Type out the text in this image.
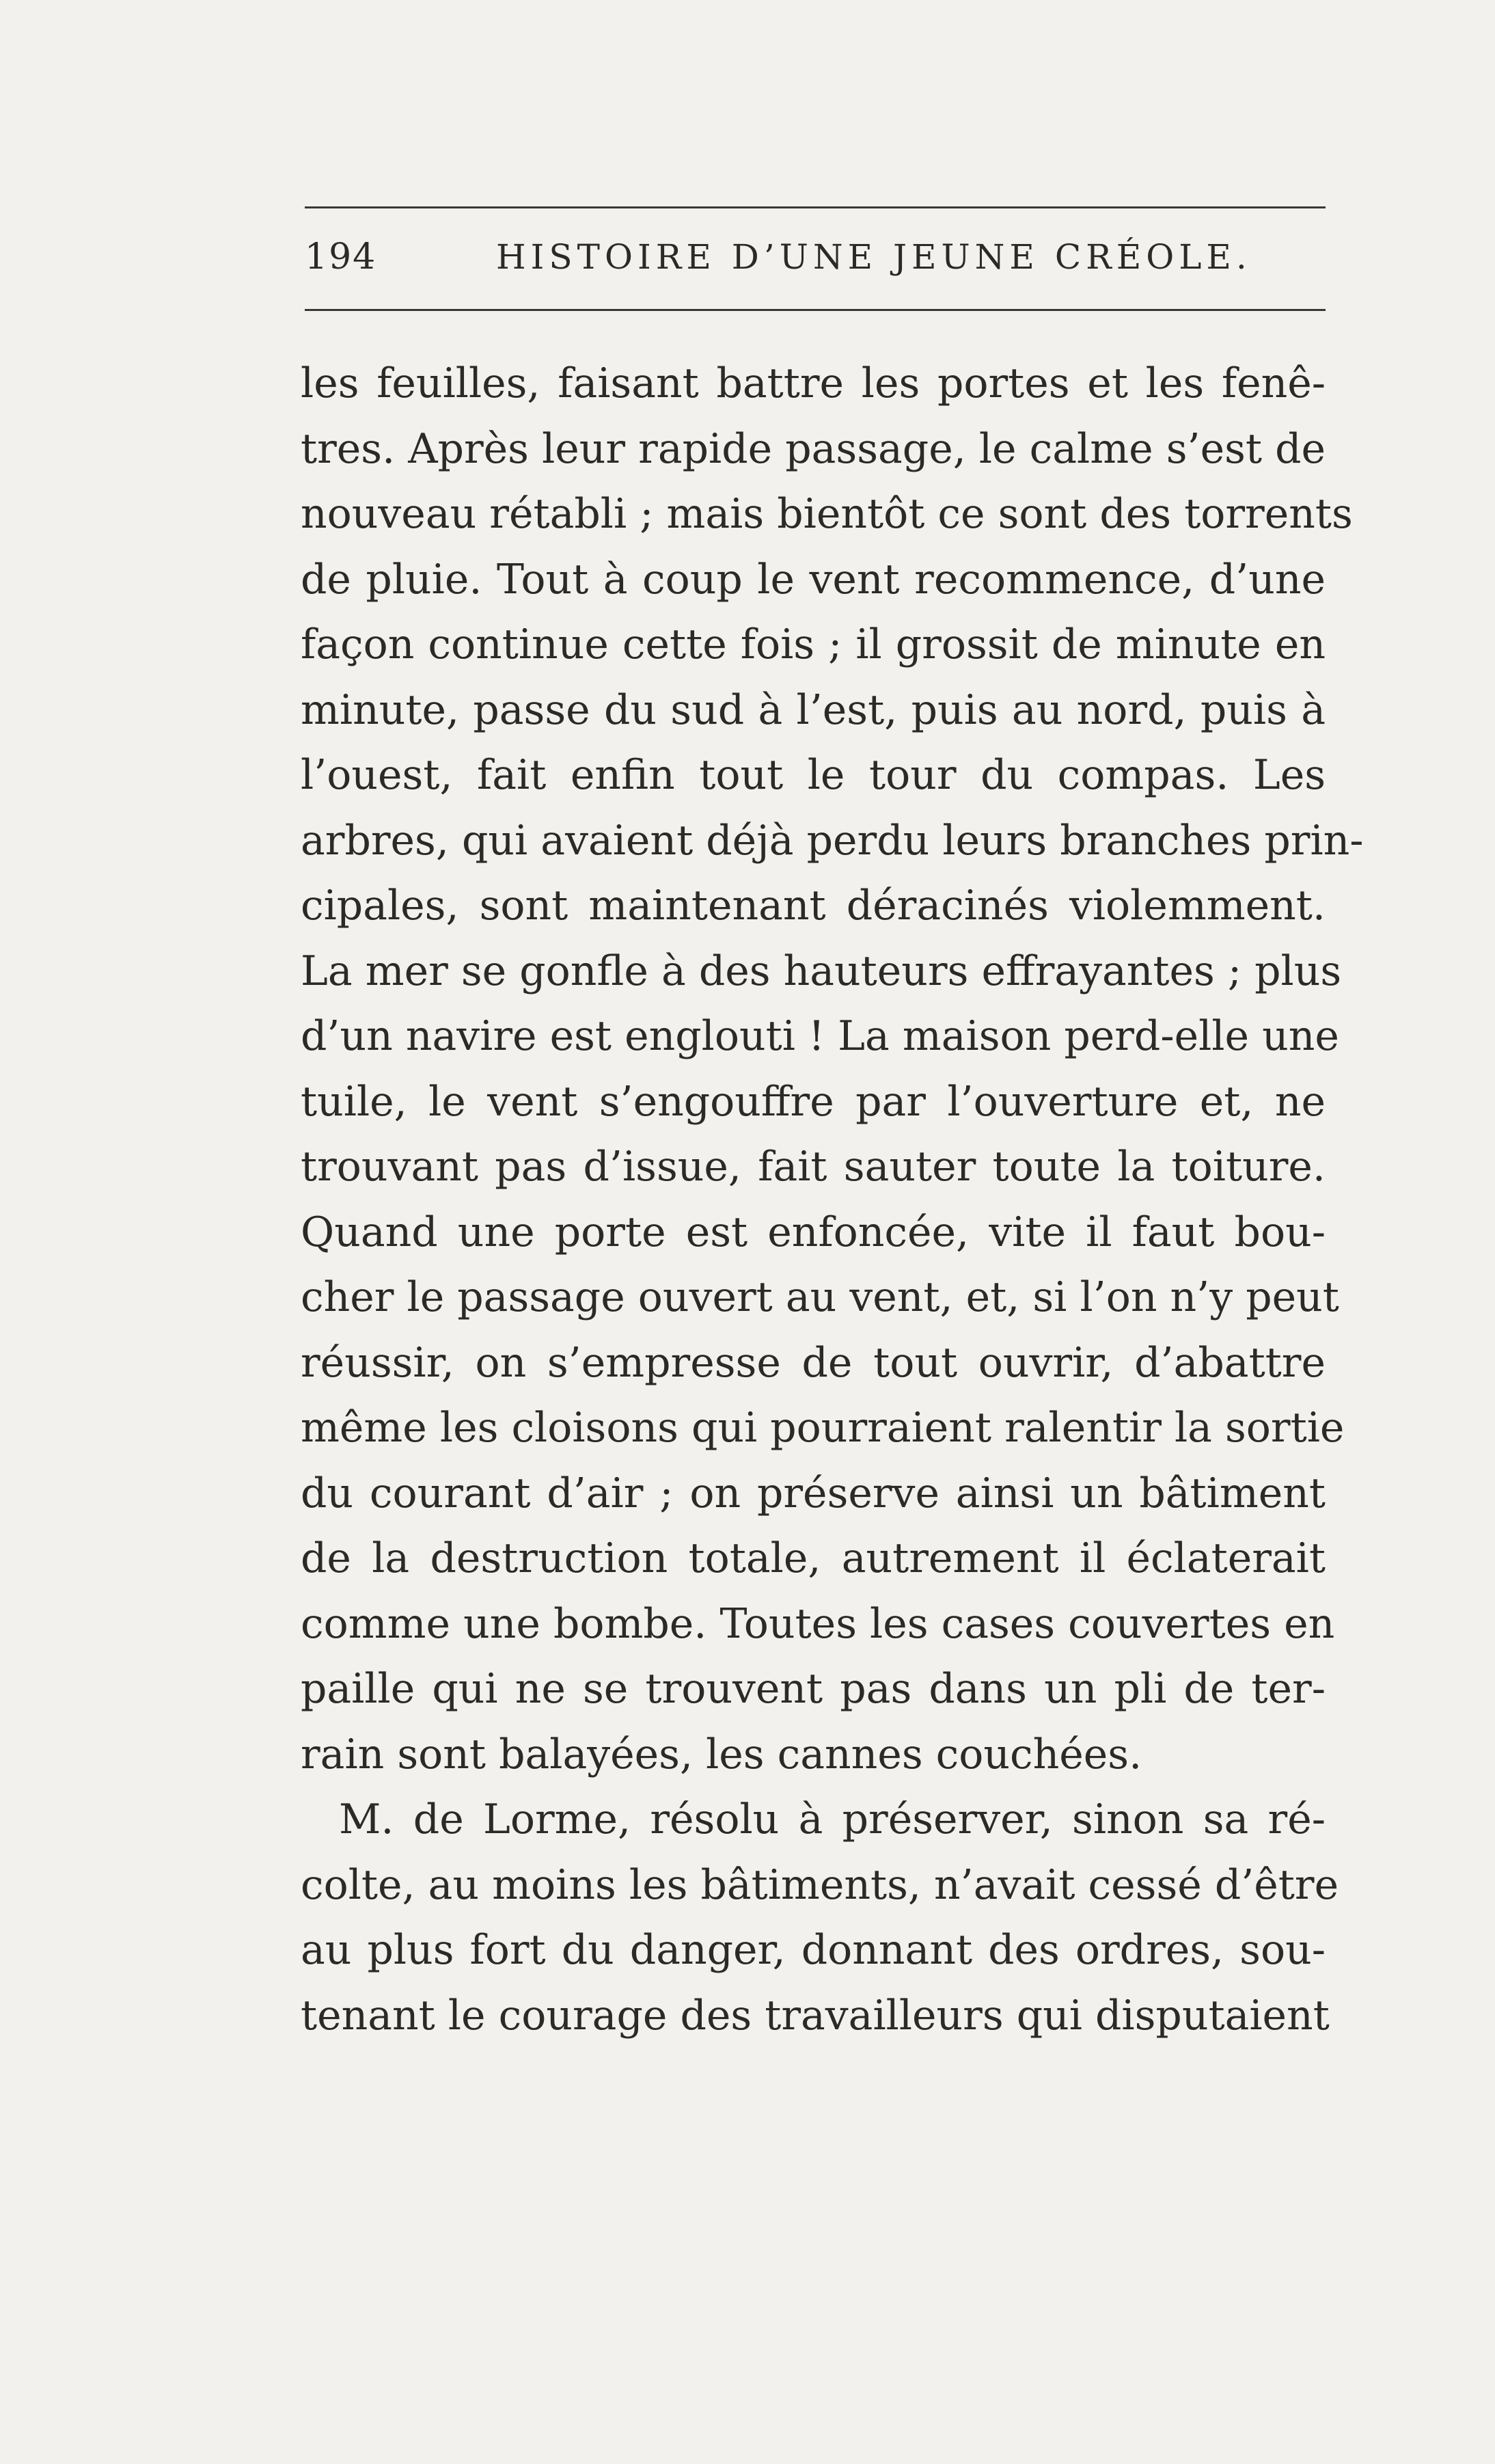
194	HISTOIRE D’UNE JEUNE CRÉOLE.
les feuilles, faisant battre les portes et les fenê-
tres. Après leur rapide passage, le calme s’est de
nouveau rétabli ; mais bientôt ce sont des torrents
de pluie. Tout à coup le vent recommence, d’une
façon continue cette fois ; il grossit de minute en
minute, passe du sud à l’est, puis au nord, puis à
l’ouest, fait enfin tout le tour du compas. Les
arbres, qui avaient déjà perdu leurs branches prin-
cipales, sont maintenant déracinés violemment.
La mer se gonfle à des hauteurs effrayantes ; plus
d’un navire est englouti ! La maison perd-elle une
tuile, le vent s’engouffre par l’ouverture et, ne
trouvant pas d’issue, fait sauter toute la toiture.
Quand une porte est enfoncée, vite il faut bou-
cher le passage ouvert au vent, et, si l’on n’y peut
réussir, on s’empresse de tout ouvrir, d’abattre
même les cloisons qui pourraient ralentir la sortie
du courant d’air ; on préserve ainsi un bâtiment
de la destruction totale, autrement il éclaterait
comme une bombe. Toutes les cases couvertes en
paille qui ne se trouvent pas dans un pli de ter-
rain sont balayées, les cannes couchées.
M. de Lorme, résolu à préserver, sinon sa ré-
colte, au moins les bâtiments, n’avait cessé d’être
au plus fort du danger, donnant des ordres, sou-
tenant le courage des travailleurs qui disputaient
